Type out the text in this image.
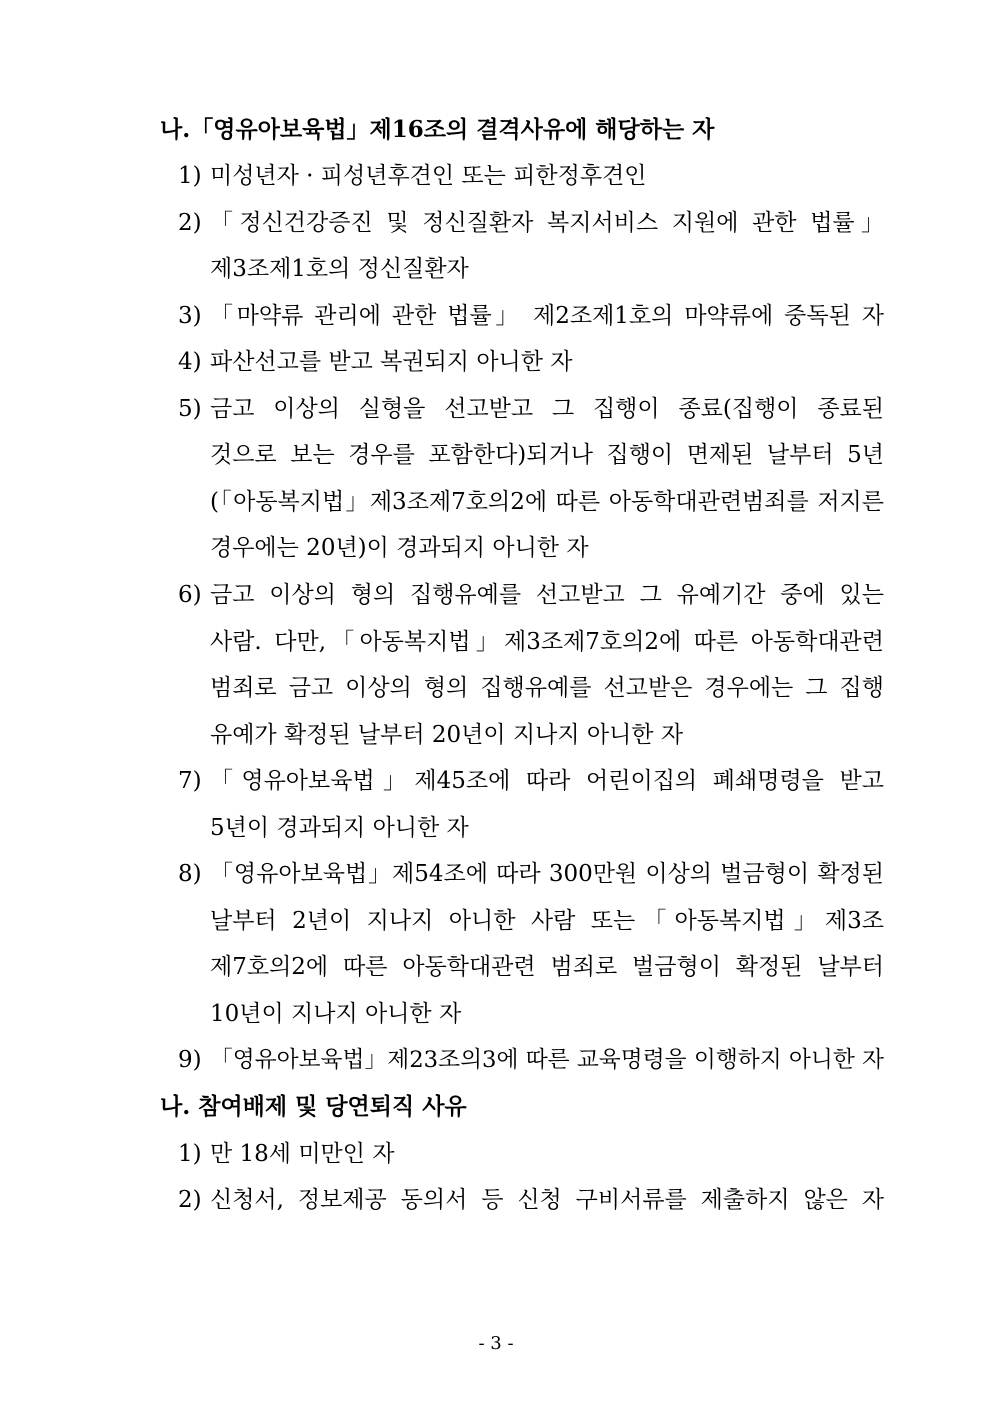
나.「영유아보육법」제16조의 결격사유에 해당하는 자
1) 미성년자 · 피성년후견인 또는 피한정후견인
2) 「정신건강증진 및 정신질환자 복지서비스 지원에 관한 법률」
제3조제1호의 정신질환자
3) 「마약류 관리에 관한 법률」 제2조제1호의 마약류에 중독된 자
4) 파산선고를 받고 복권되지 아니한 자
5) 금고 이상의 실형을 선고받고 그 집행이 종료(집행이 종료된
것으로 보는 경우를 포함한다)되거나 집행이 면제된 날부터 5년
(「아동복지법」제3조제7호의2에 따른 아동학대관련범죄를 저지른
경우에는 20년)이 경과되지 아니한 자
6) 금고 이상의 형의 집행유예를 선고받고 그 유예기간 중에 있는
사람. 다만,「아동복지법」제3조제7호의2에 따른 아동학대관련
범죄로 금고 이상의 형의 집행유예를 선고받은 경우에는 그 집행
유예가 확정된 날부터 20년이 지나지 아니한 자
7) 「영유아보육법」제45조에 따라 어린이집의 폐쇄명령을 받고
5년이 경과되지 아니한 자
8) 「영유아보육법」제54조에 따라 300만원 이상의 벌금형이 확정된
날부터 2년이 지나지 아니한 사람 또는「아동복지법」제3조
제7호의2에 따른 아동학대관련 범죄로 벌금형이 확정된 날부터
10년이 지나지 아니한 자
9) 「영유아보육법」제23조의3에 따른 교육명령을 이행하지 아니한 자
나. 참여배제 및 당연퇴직 사유
1) 만 18세 미만인 자
2) 신청서, 정보제공 동의서 등 신청 구비서류를 제출하지 않은 자
- 3 -
